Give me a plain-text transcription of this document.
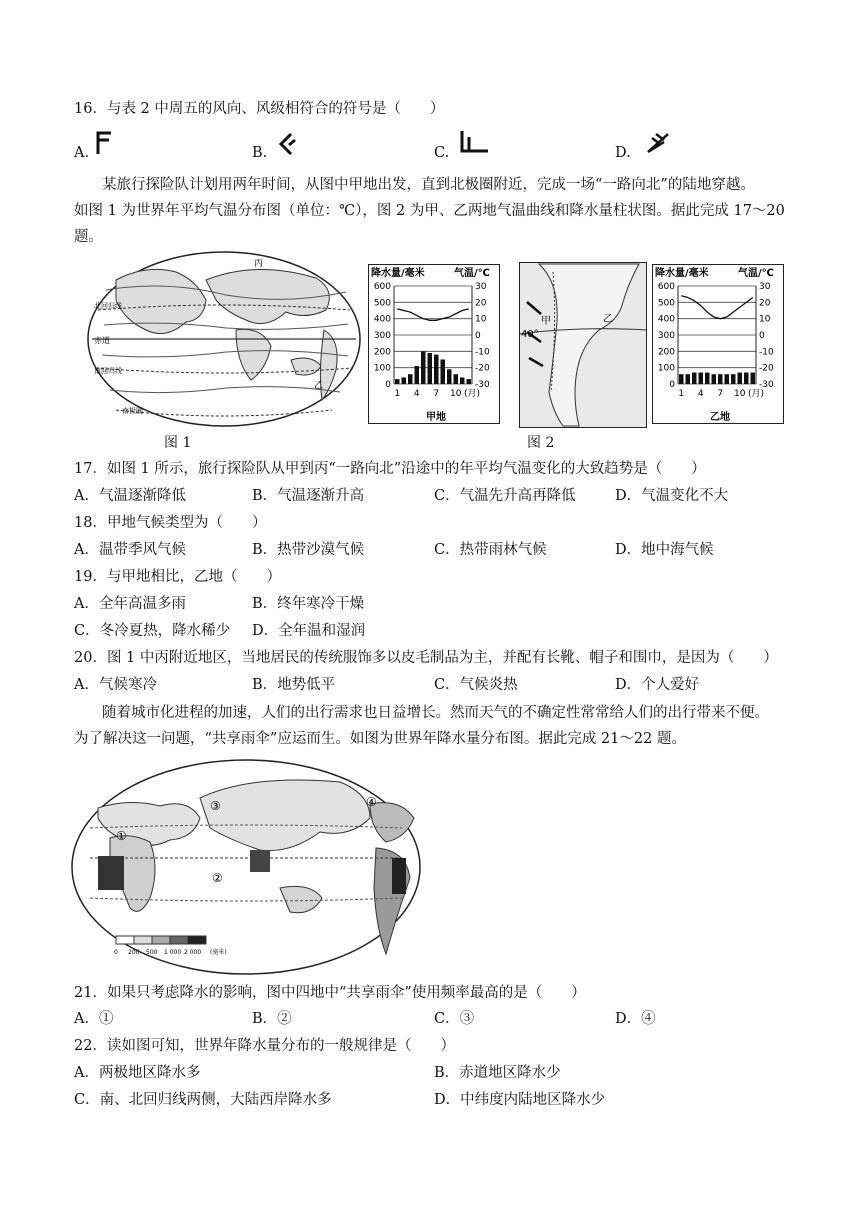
16．与表 2 中周五的风向、风级相符合的符号是（　　）
A.	B.	C.	D.
某旅行探险队计划用两年时间，从图中甲地出发，直到北极圈附近，完成一场“一路向北”的陆地穿越。
如图 1 为世界年平均气温分布图（单位：℃），图 2 为甲、乙两地气温曲线和降水量柱状图。据此完成 17～20
题。
赤道
北回归线
南回归线
南极圈
丙
乙
图 1
降水量/毫米	气温/℃
600
500
400
300
200
100
0
30
20
10
0
-10
-20
-30
1 4 7 10 (月)
甲地
40°
甲	乙
降水量/毫米	气温/℃
600
500
400
300
200
100
0
30
20
10
0
-10
-20
-30
1 4 7 10 (月)
乙地
图 2
17．如图 1 所示，旅行探险队从甲到丙“一路向北”沿途中的年平均气温变化的大致趋势是（　　）
A．气温逐渐降低	B．气温逐渐升高	C．气温先升高再降低	D．气温变化不大
18．甲地气候类型为（　　）
A．温带季风气候	B．热带沙漠气候	C．热带雨林气候	D．地中海气候
19．与甲地相比，乙地（　　）
A．全年高温多雨	B．终年寒冷干燥
C．冬冷夏热，降水稀少 D．全年温和湿润
20．图 1 中丙附近地区，当地居民的传统服饰多以皮毛制品为主，并配有长靴、帽子和围巾，是因为（　　）
A．气候寒冷	B．地势低平	C．气候炎热	D．个人爱好
随着城市化进程的加速，人们的出行需求也日益增长。然而天气的不确定性常常给人们的出行带来不便。
为了解决这一问题，“共享雨伞”应运而生。如图为世界年降水量分布图。据此完成 21～22 题。
①
②
③	④
0 200 500 1 000 2 000 (毫米)
21．如果只考虑降水的影响，图中四地中“共享雨伞”使用频率最高的是（　　）
A．①	B．②	C．③	D．④
22．读如图可知，世界年降水量分布的一般规律是（　　）
A．两极地区降水多	B．赤道地区降水少
C．南、北回归线两侧，大陆西岸降水多	D．中纬度内陆地区降水少
